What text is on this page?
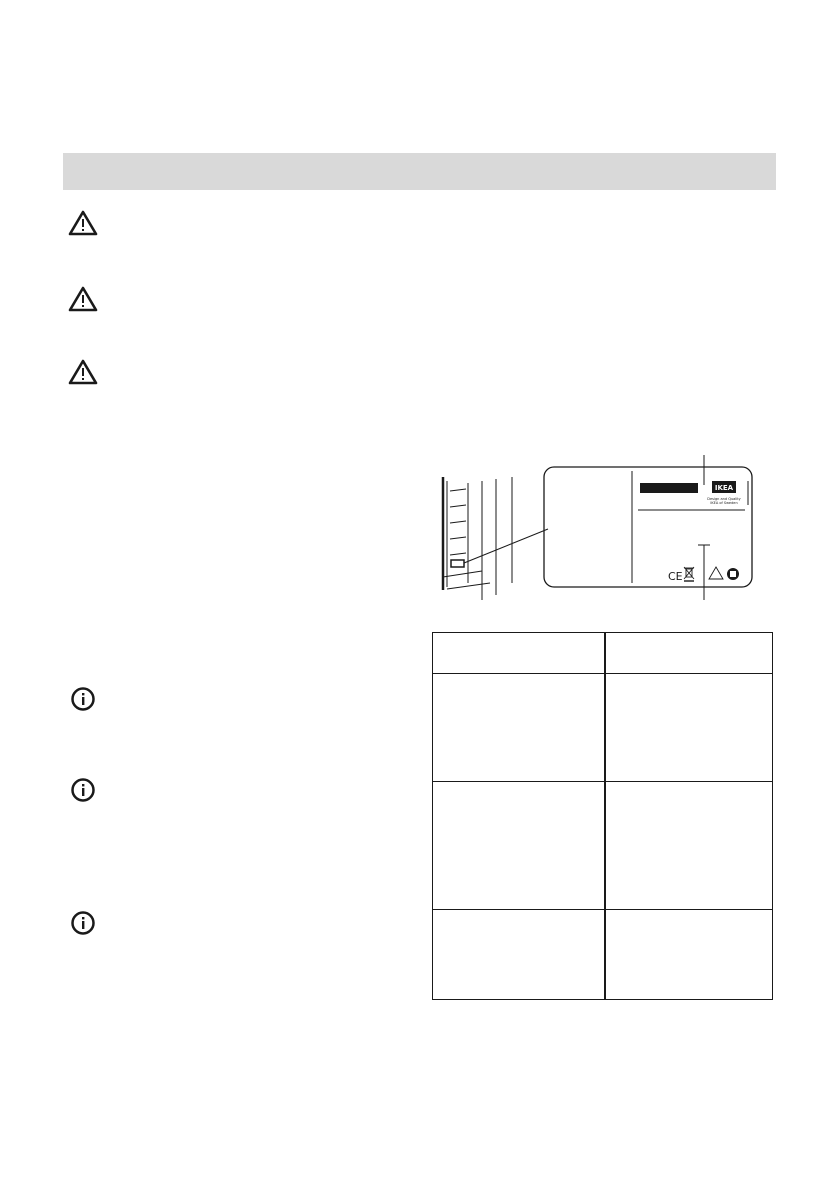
IKEA
Design and Quality
IKEA of Sweden
CE
